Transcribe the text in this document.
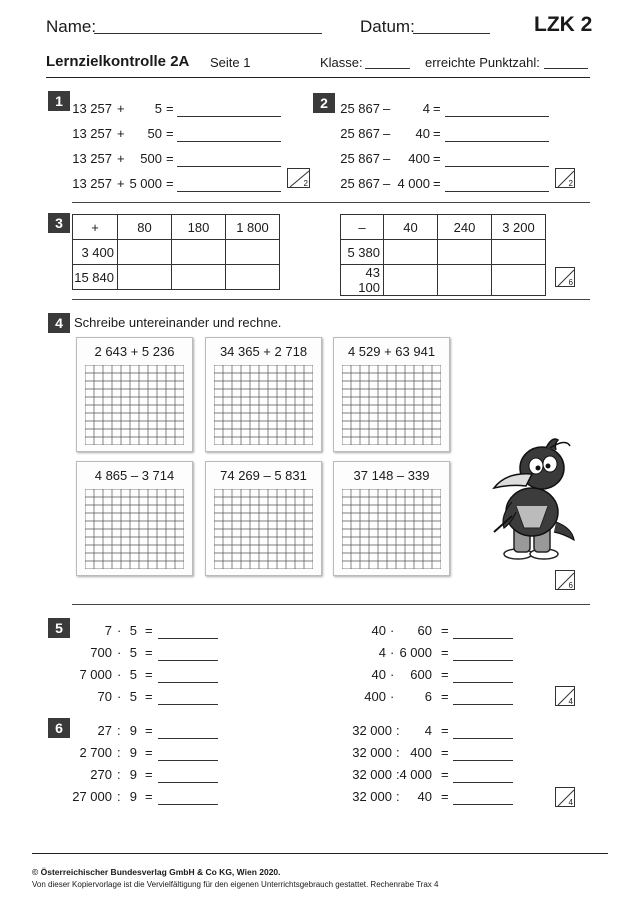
Name:	Datum:	LZK 2
Lernzielkontrolle 2A Seite 1	Klasse:	erreichte Punktzahl:
1 13 257 +	5 =
13 257 +	50 =
13 257 +	500 =
13 257 + 5 000 =	2
2 25 867 –	4 =
25 867 –	40 =
25 867 –	400 =
25 867 – 4 000 =	2
3	+	80	180	1 800
3 400			
15 840			
–	40	240	3 200
5 380			
43 100				6
4 Schreibe untereinander und rechne.
2 643 + 5 236	34 365 + 2 718	4 529 + 63 941
4 865 – 3 714	74 269 – 5 831	37 148 – 339
6
5	7 · 5 =
700 · 5 =
7 000 · 5 =
70 · 5 =
40 ·	60 =
4 · 6 000 =
40 ·	600 =
400 ·	6 =	4
6	27 : 9 =
2 700 : 9 =
270 : 9 =
27 000 : 9 =
32 000 :	4 =
32 000 : 400 =
32 000 : 4 000 =
32 000 :	40 =	4
© Österreichischer Bundesverlag GmbH & Co KG, Wien 2020.
Von dieser Kopiervorlage ist die Vervielfältigung für den eigenen Unterrichtsgebrauch gestattet. Rechenrabe Trax 4
